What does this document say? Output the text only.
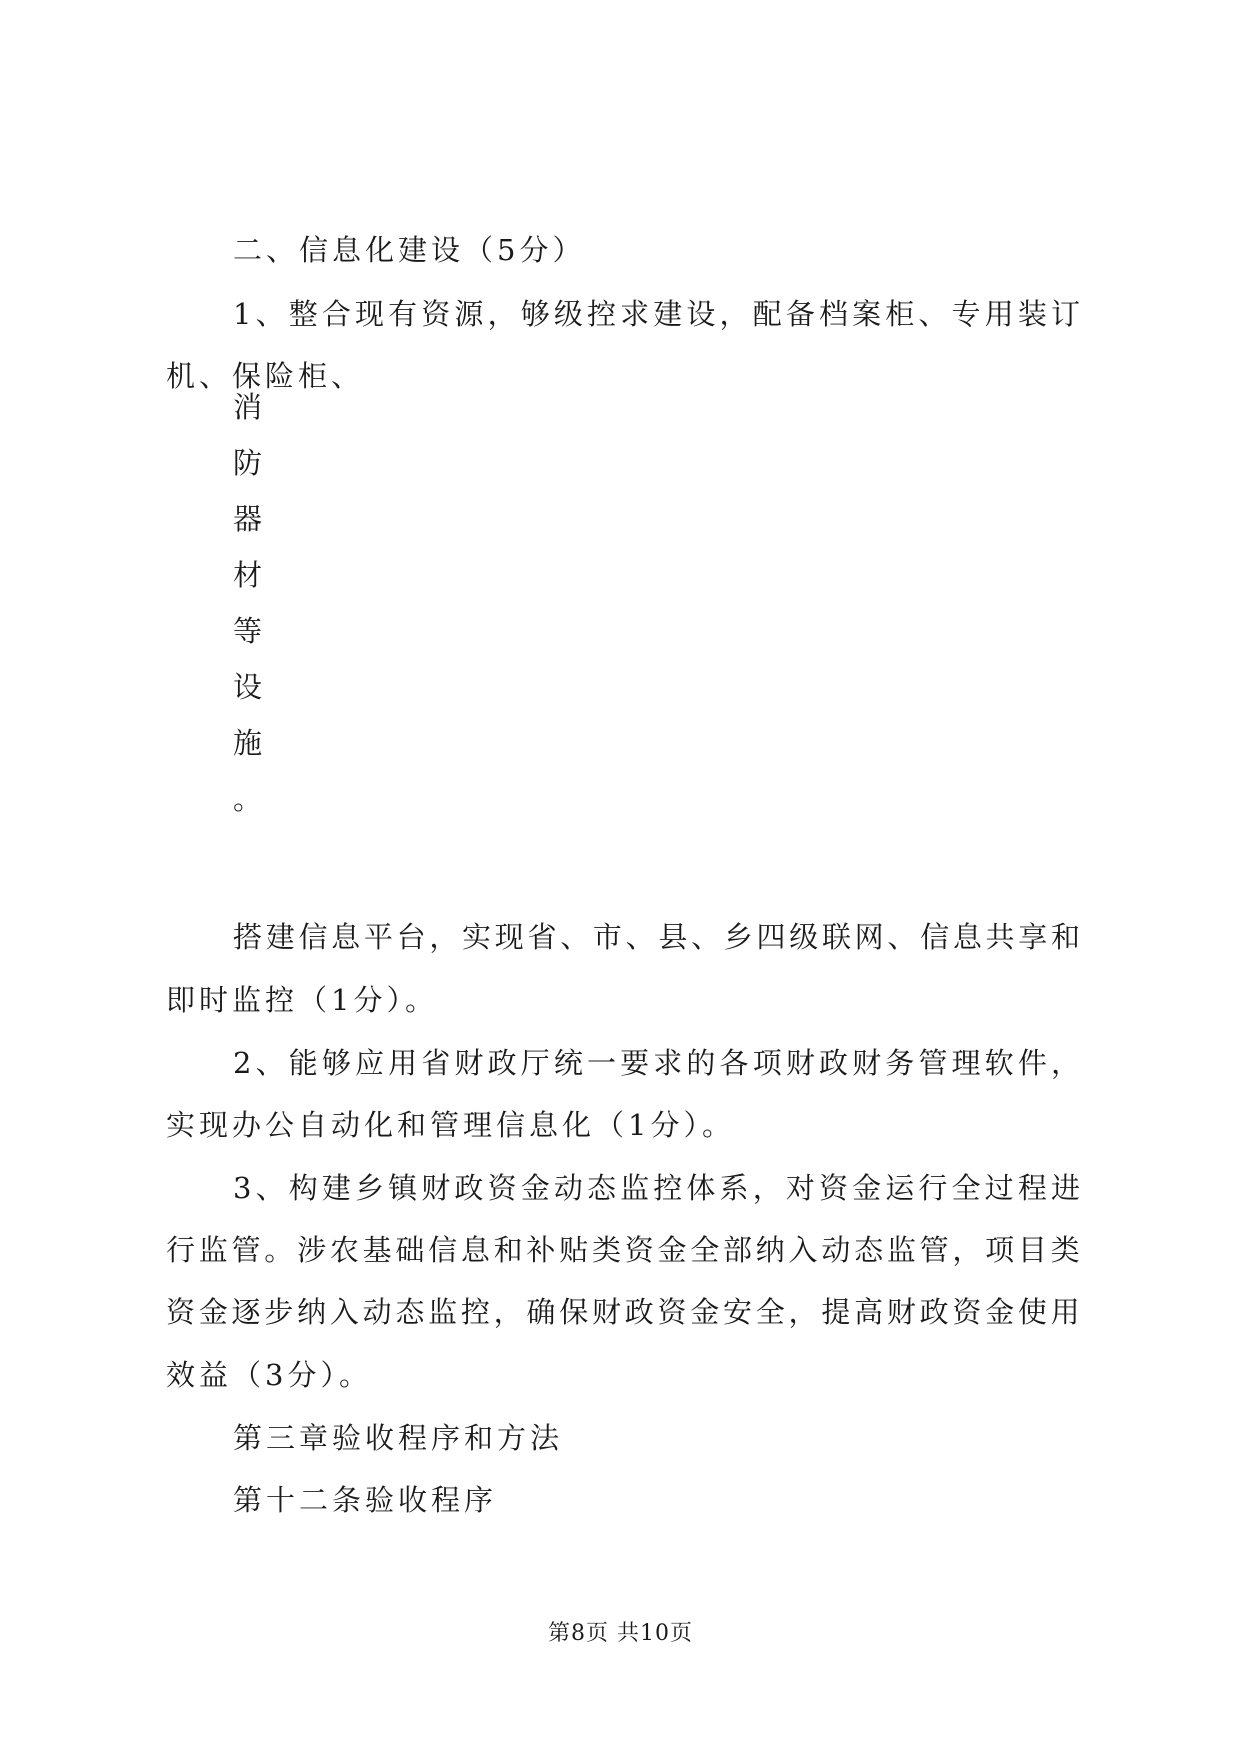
二、信息化建设（5分）
1 、 整 合 现 有 资 源 ， 够 级 控 求 建 设 ， 配 备 档 案 柜 、 专 用 装 订
机、保险柜、
消
防
器
材
等
设
施
。
搭 建 信 息 平 台 ， 实 现 省 、 市 、 县 、 乡 四 级 联 网 、 信 息 共 享 和
即时监控（1分）。
2 、 能 够 应 用 省 财 政 厅 统 一 要 求 的 各 项 财 政 财 务 管 理 软 件 ，
实现办公自动化和管理信息化（1分）。
3 、 构 建 乡 镇 财 政 资 金 动 态 监 控 体 系 ， 对 资 金 运 行 全 过 程 进
行 监 管 。 涉 农 基 础 信 息 和 补 贴 类 资 金 全 部 纳 入 动 态 监 管 ， 项 目 类
资 金 逐 步 纳 入 动 态 监 控 ， 确 保 财 政 资 金 安 全 ， 提 高 财 政 资 金 使 用
效益（3分）。
第三章验收程序和方法
第十二条验收程序
第8页 共10页
